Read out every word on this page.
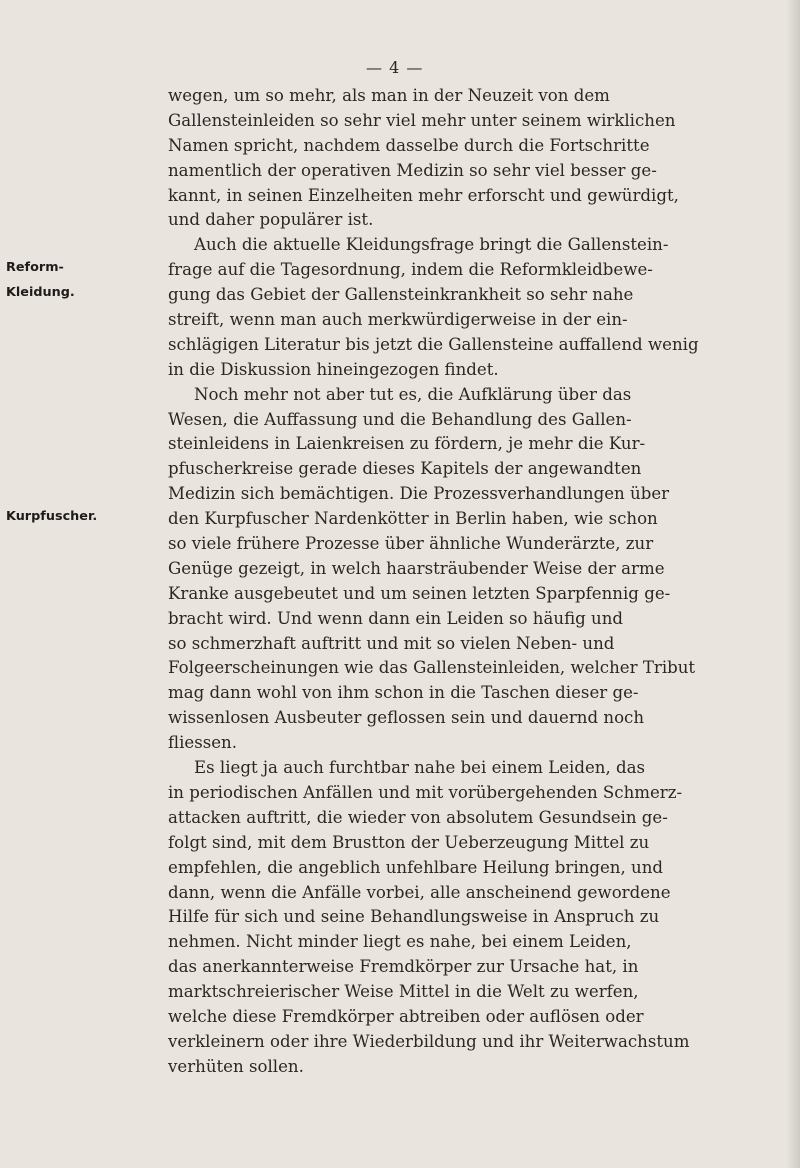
— 4 —
Reform-
Kleidung.
Kurpfuscher.
wegen, um so mehr, als man in der Neuzeit von dem
Gallensteinleiden so sehr viel mehr unter seinem wirklichen
Namen spricht, nachdem dasselbe durch die Fortschritte
namentlich der operativen Medizin so sehr viel besser ge-
kannt, in seinen Einzelheiten mehr erforscht und gewürdigt,
und daher populärer ist.
Auch die aktuelle Kleidungsfrage bringt die Gallenstein-
frage auf die Tagesordnung, indem die Reformkleidbewe-
gung das Gebiet der Gallensteinkrankheit so sehr nahe
streift, wenn man auch merkwürdigerweise in der ein-
schlägigen Literatur bis jetzt die Gallensteine auffallend wenig
in die Diskussion hineingezogen findet.
Noch mehr not aber tut es, die Aufklärung über das
Wesen, die Auffassung und die Behandlung des Gallen-
steinleidens in Laienkreisen zu fördern, je mehr die Kur-
pfuscherkreise gerade dieses Kapitels der angewandten
Medizin sich bemächtigen. Die Prozessverhandlungen über
den Kurpfuscher Nardenkötter in Berlin haben, wie schon
so viele frühere Prozesse über ähnliche Wunderärzte, zur
Genüge gezeigt, in welch haarsträubender Weise der arme
Kranke ausgebeutet und um seinen letzten Sparpfennig ge-
bracht wird. Und wenn dann ein Leiden so häufig und
so schmerzhaft auftritt und mit so vielen Neben- und
Folgeerscheinungen wie das Gallensteinleiden, welcher Tribut
mag dann wohl von ihm schon in die Taschen dieser ge-
wissenlosen Ausbeuter geflossen sein und dauernd noch
fliessen.
Es liegt ja auch furchtbar nahe bei einem Leiden, das
in periodischen Anfällen und mit vorübergehenden Schmerz-
attacken auftritt, die wieder von absolutem Gesundsein ge-
folgt sind, mit dem Brustton der Ueberzeugung Mittel zu
empfehlen, die angeblich unfehlbare Heilung bringen, und
dann, wenn die Anfälle vorbei, alle anscheinend gewordene
Hilfe für sich und seine Behandlungsweise in Anspruch zu
nehmen. Nicht minder liegt es nahe, bei einem Leiden,
das anerkannterweise Fremdkörper zur Ursache hat, in
marktschreierischer Weise Mittel in die Welt zu werfen,
welche diese Fremdkörper abtreiben oder auflösen oder
verkleinern oder ihre Wiederbildung und ihr Weiterwachstum
verhüten sollen.
